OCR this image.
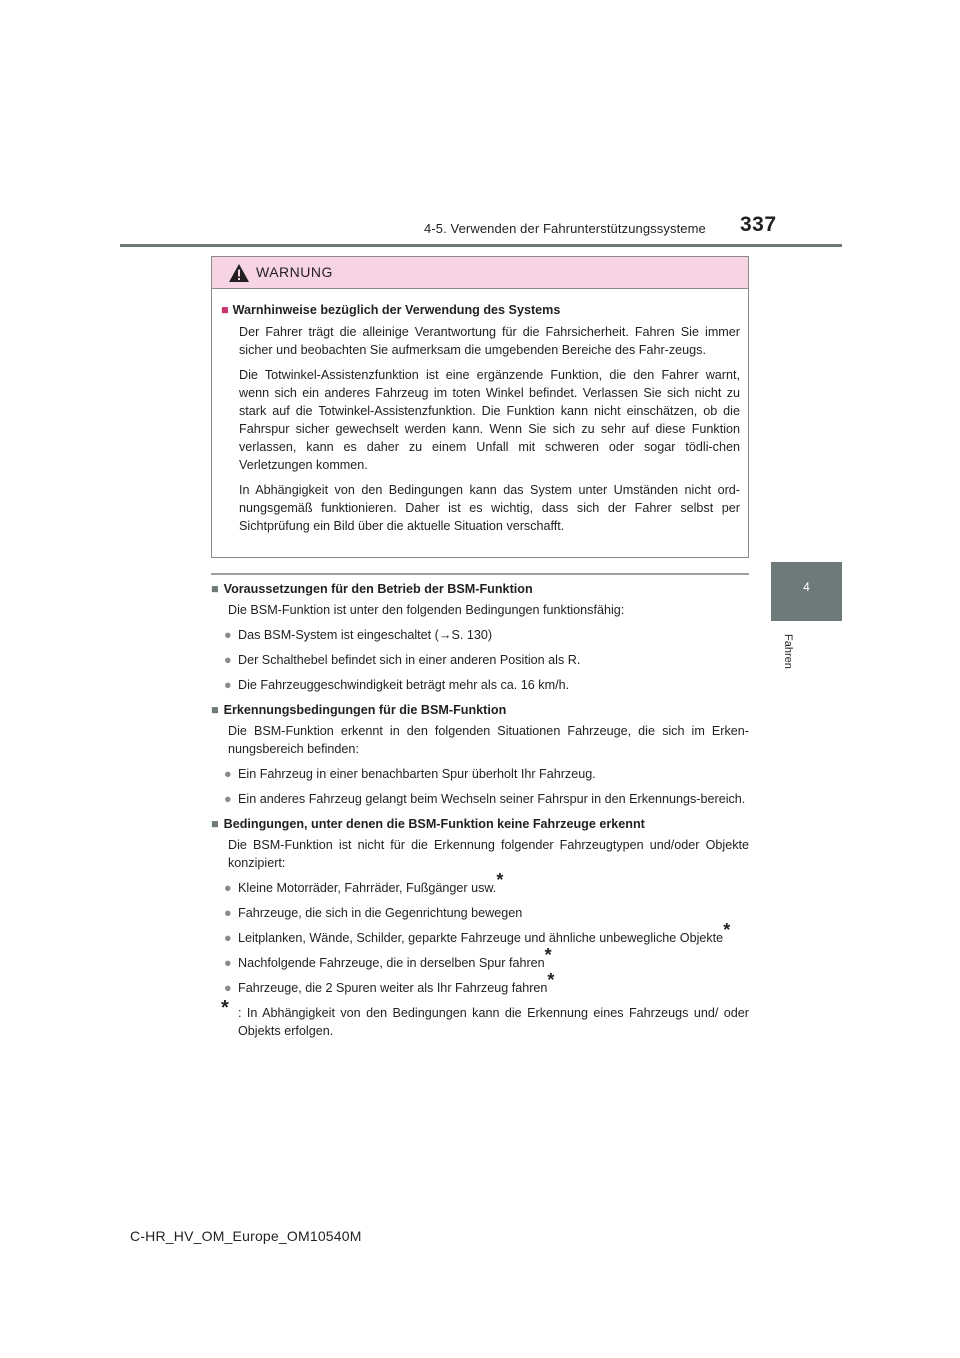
4-5. Verwenden der Fahrunterstützungssysteme 337
4
Fahren
WARNUNG

■ Warnhinweise bezüglich der Verwendung des Systems

Der Fahrer trägt die alleinige Verantwortung für die Fahrsicherheit. Fahren Sie immer sicher und beobachten Sie aufmerksam die umgebenden Bereiche des Fahr-zeugs.

Die Totwinkel-Assistenzfunktion ist eine ergänzende Funktion, die den Fahrer warnt, wenn sich ein anderes Fahrzeug im toten Winkel befindet. Verlassen Sie sich nicht zu stark auf die Totwinkel-Assistenzfunktion. Die Funktion kann nicht einschätzen, ob die Fahrspur sicher gewechselt werden kann. Wenn Sie sich zu sehr auf diese Funktion verlassen, kann es daher zu einem Unfall mit schweren oder sogar tödli-chen Verletzungen kommen.

In Abhängigkeit von den Bedingungen kann das System unter Umständen nicht ord-nungsgemäß funktionieren. Daher ist es wichtig, dass sich der Fahrer selbst per Sichtprüfung ein Bild über die aktuelle Situation verschafft.

■ Voraussetzungen für den Betrieb der BSM-Funktion

Die BSM-Funktion ist unter den folgenden Bedingungen funktionsfähig:

● Das BSM-System ist eingeschaltet (→S. 130)

● Der Schalthebel befindet sich in einer anderen Position als R.

● Die Fahrzeuggeschwindigkeit beträgt mehr als ca. 16 km/h.

■ Erkennungsbedingungen für die BSM-Funktion

Die BSM-Funktion erkennt in den folgenden Situationen Fahrzeuge, die sich im Erken-nungsbereich befinden:

● Ein Fahrzeug in einer benachbarten Spur überholt Ihr Fahrzeug.

● Ein anderes Fahrzeug gelangt beim Wechseln seiner Fahrspur in den Erkennungs-bereich.

■ Bedingungen, unter denen die BSM-Funktion keine Fahrzeuge erkennt

Die BSM-Funktion ist nicht für die Erkennung folgender Fahrzeugtypen und/oder Objekte konzipiert:

● Kleine Motorräder, Fahrräder, Fußgänger usw.*

● Fahrzeuge, die sich in die Gegenrichtung bewegen

● Leitplanken, Wände, Schilder, geparkte Fahrzeuge und ähnliche unbewegliche Objekte*

● Nachfolgende Fahrzeuge, die in derselben Spur fahren*

● Fahrzeuge, die 2 Spuren weiter als Ihr Fahrzeug fahren*

* : In Abhängigkeit von den Bedingungen kann die Erkennung eines Fahrzeugs und/ oder Objekts erfolgen.

C-HR_HV_OM_Europe_OM10540M
